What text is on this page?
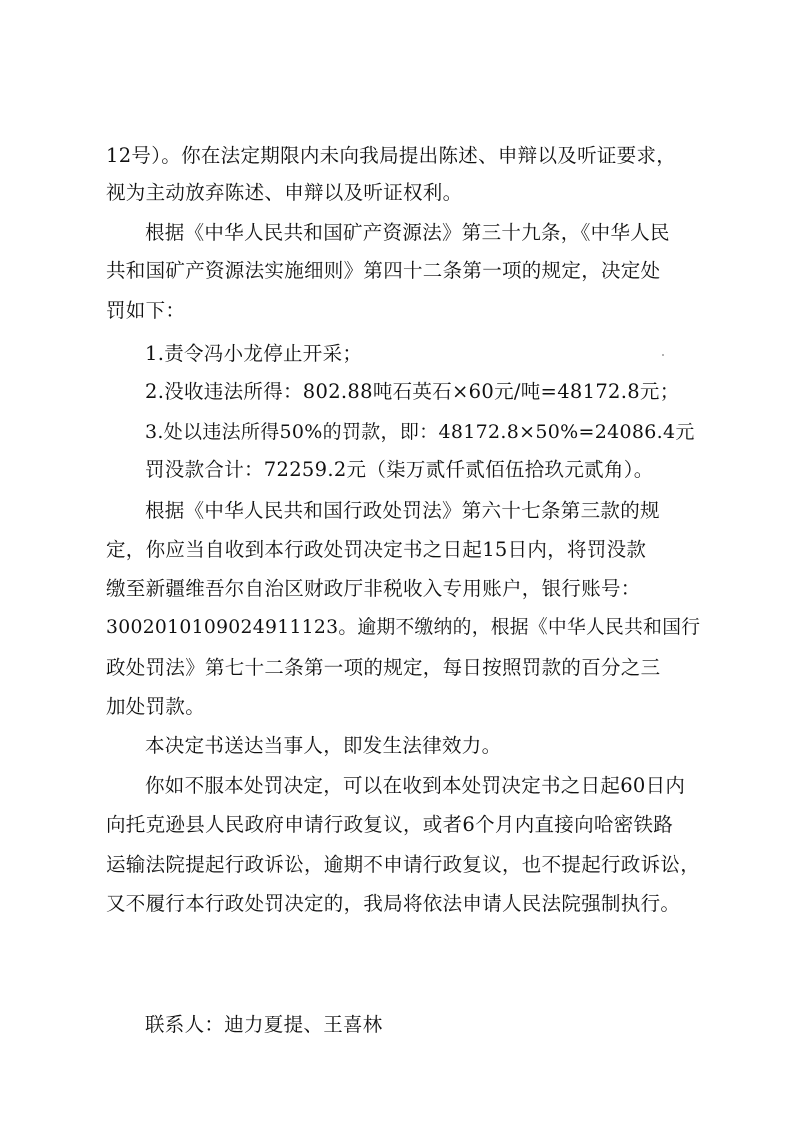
12号）。你在法定期限内未向我局提出陈述、申辩以及听证要求，
视为主动放弃陈述、申辩以及听证权利。
根据《中华人民共和国矿产资源法》第三十九条，《中华人民
共和国矿产资源法实施细则》第四十二条第一项的规定，决定处
罚如下：
1.责令冯小龙停止开采；
2.没收违法所得：802.88吨石英石×60元/吨=48172.8元；
3.处以违法所得50%的罚款，即：48172.8×50%=24086.4元
罚没款合计：72259.2元（柒万贰仟贰佰伍拾玖元贰角）。
根据《中华人民共和国行政处罚法》第六十七条第三款的规
定，你应当自收到本行政处罚决定书之日起15日内，将罚没款
缴至新疆维吾尔自治区财政厅非税收入专用账户，银行账号：
3002010109024911123。逾期不缴纳的，根据《中华人民共和国行
政处罚法》第七十二条第一项的规定，每日按照罚款的百分之三
加处罚款。
本决定书送达当事人，即发生法律效力。
你如不服本处罚决定，可以在收到本处罚决定书之日起60日内
向托克逊县人民政府申请行政复议，或者6个月内直接向哈密铁路
运输法院提起行政诉讼，逾期不申请行政复议，也不提起行政诉讼，
又不履行本行政处罚决定的，我局将依法申请人民法院强制执行。
联系人：迪力夏提、王喜林
